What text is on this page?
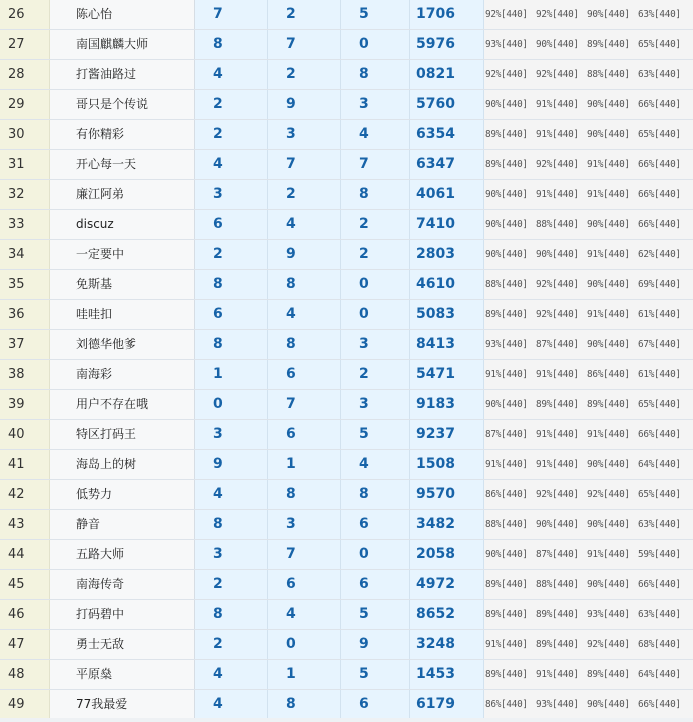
26	陈心怡	7	2	5	1706	92%[440] 92%[440] 90%[440] 63%[440]
27	南国麒麟大师	8	7	0	5976	93%[440] 90%[440] 89%[440] 65%[440]
28	打酱油路过	4	2	8	0821	92%[440] 92%[440] 88%[440] 63%[440]
29	哥只是个传说	2	9	3	5760	90%[440] 91%[440] 90%[440] 66%[440]
30	有你精彩	2	3	4	6354	89%[440] 91%[440] 90%[440] 65%[440]
31	开心每一天	4	7	7	6347	89%[440] 92%[440] 91%[440] 66%[440]
32	廉江阿弟	3	2	8	4061	90%[440] 91%[440] 91%[440] 66%[440]
33	discuz	6	4	2	7410	90%[440] 88%[440] 90%[440] 66%[440]
34	一定要中	2	9	2	2803	90%[440] 90%[440] 91%[440] 62%[440]
35	免斯基	8	8	0	4610	88%[440] 92%[440] 90%[440] 69%[440]
36	哇哇扣	6	4	0	5083	89%[440] 92%[440] 91%[440] 61%[440]
37	刘德华他爹	8	8	3	8413	93%[440] 87%[440] 90%[440] 67%[440]
38	南海彩	1	6	2	5471	91%[440] 91%[440] 86%[440] 61%[440]
39	用户不存在哦	0	7	3	9183	90%[440] 89%[440] 89%[440] 65%[440]
40	特区打码王	3	6	5	9237	87%[440] 91%[440] 91%[440] 66%[440]
41	海岛上的树	9	1	4	1508	91%[440] 91%[440] 90%[440] 64%[440]
42	低势力	4	8	8	9570	86%[440] 92%[440] 92%[440] 65%[440]
43	静音	8	3	6	3482	88%[440] 90%[440] 90%[440] 63%[440]
44	五路大师	3	7	0	2058	90%[440] 87%[440] 91%[440] 59%[440]
45	南海传奇	2	6	6	4972	89%[440] 88%[440] 90%[440] 66%[440]
46	打码碧中	8	4	5	8652	89%[440] 89%[440] 93%[440] 63%[440]
47	勇士无敌	2	0	9	3248	91%[440] 89%[440] 92%[440] 68%[440]
48	平原燊	4	1	5	1453	89%[440] 91%[440] 89%[440] 64%[440]
49	77我最爱	4	8	6	6179	86%[440] 93%[440] 90%[440] 66%[440]
